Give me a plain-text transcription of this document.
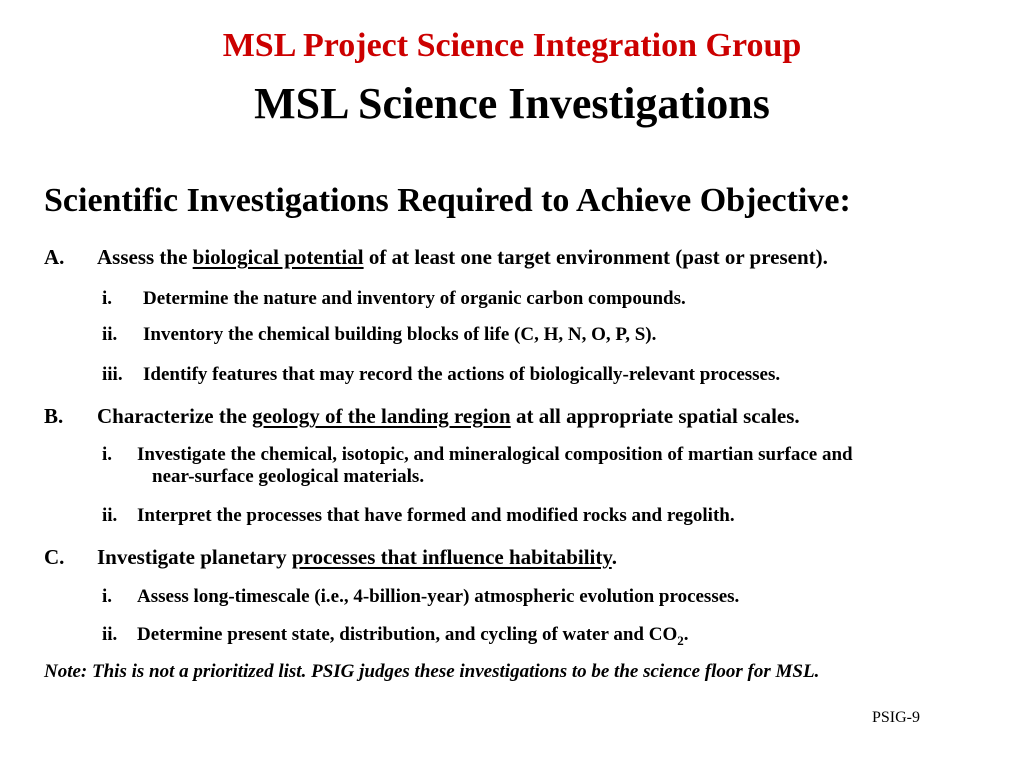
MSL Project Science Integration Group
MSL Science Investigations
Scientific Investigations Required to Achieve Objective:
A. Assess the biological potential of at least one target environment (past or present).
i. Determine the nature and inventory of organic carbon compounds.
ii. Inventory the chemical building blocks of life (C, H, N, O, P, S).
iii. Identify features that may record the actions of biologically-relevant processes.
B. Characterize the geology of the landing region at all appropriate spatial scales.
i. Investigate the chemical, isotopic, and mineralogical composition of martian surface and
near-surface geological materials.
ii. Interpret the processes that have formed and modified rocks and regolith.
C. Investigate planetary processes that influence habitability.
i. Assess long-timescale (i.e., 4-billion-year) atmospheric evolution processes.
ii. Determine present state, distribution, and cycling of water and $CO_2$.
Note: This is not a prioritized list. PSIG judges these investigations to be the science floor for MSL.
PSIG-9
